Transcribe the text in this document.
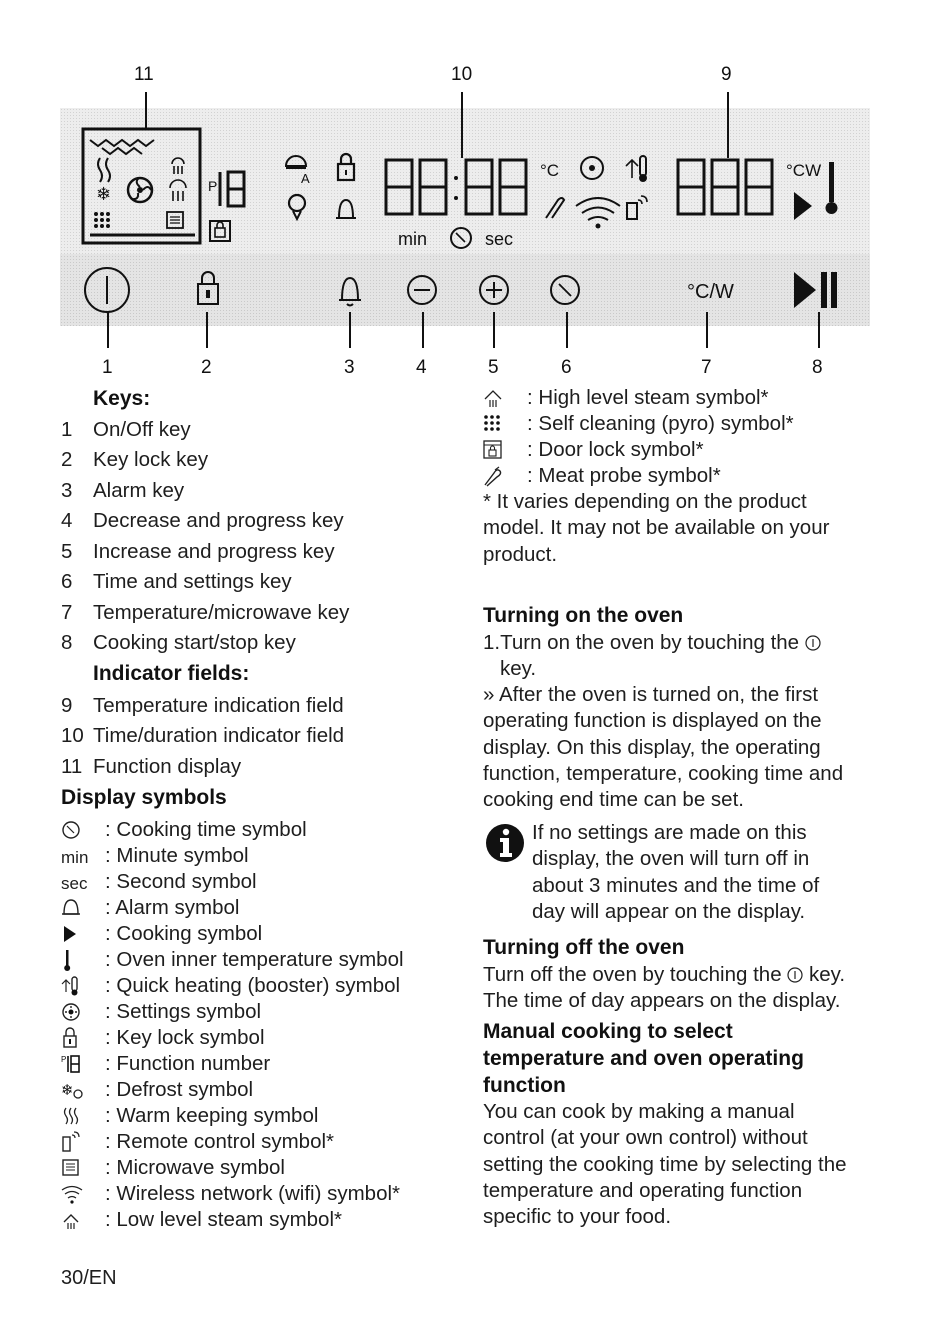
11	10	9
❄	P	A
min	sec
°C	°CW
°C/W
1	2	3	4	5	6	7	8
Keys:
1 On/Off key
2 Key lock key
3 Alarm key
4 Decrease and progress key
5 Increase and progress key
6 Time and settings key
7 Temperature/microwave key
8 Cooking start/stop key
Indicator fields:
9 Temperature indication field
10 Time/duration indicator field
11 Function display
Display symbols
: Cooking time symbol
min : Minute symbol
sec : Second symbol
: Alarm symbol
: Cooking symbol
: Oven inner temperature symbol
: Quick heating (booster) symbol
: Settings symbol
: Key lock symbol
P : Function number
❄ : Defrost symbol
: Warm keeping symbol
: Remote control symbol*
: Microwave symbol
: Wireless network (wifi) symbol*
: Low level steam symbol*
: High level steam symbol*
: Self cleaning (pyro) symbol*
: Door lock symbol*
: Meat probe symbol*
* It varies depending on the product
model. It may not be available on your
product.
Turning on the oven
1.Turn on the oven by touching the
key.
» After the oven is turned on, the first
operating function is displayed on the
display. On this display, the operating
function, temperature, cooking time and
cooking end time can be set.
If no settings are made on this
display, the oven will turn off in
about 3 minutes and the time of
day will appear on the display.
Turning off the oven
Turn off the oven by touching the key.
The time of day appears on the display.
Manual cooking to select
temperature and oven operating
function
You can cook by making a manual
control (at your own control) without
setting the cooking time by selecting the
temperature and operating function
specific to your food.
30/EN
